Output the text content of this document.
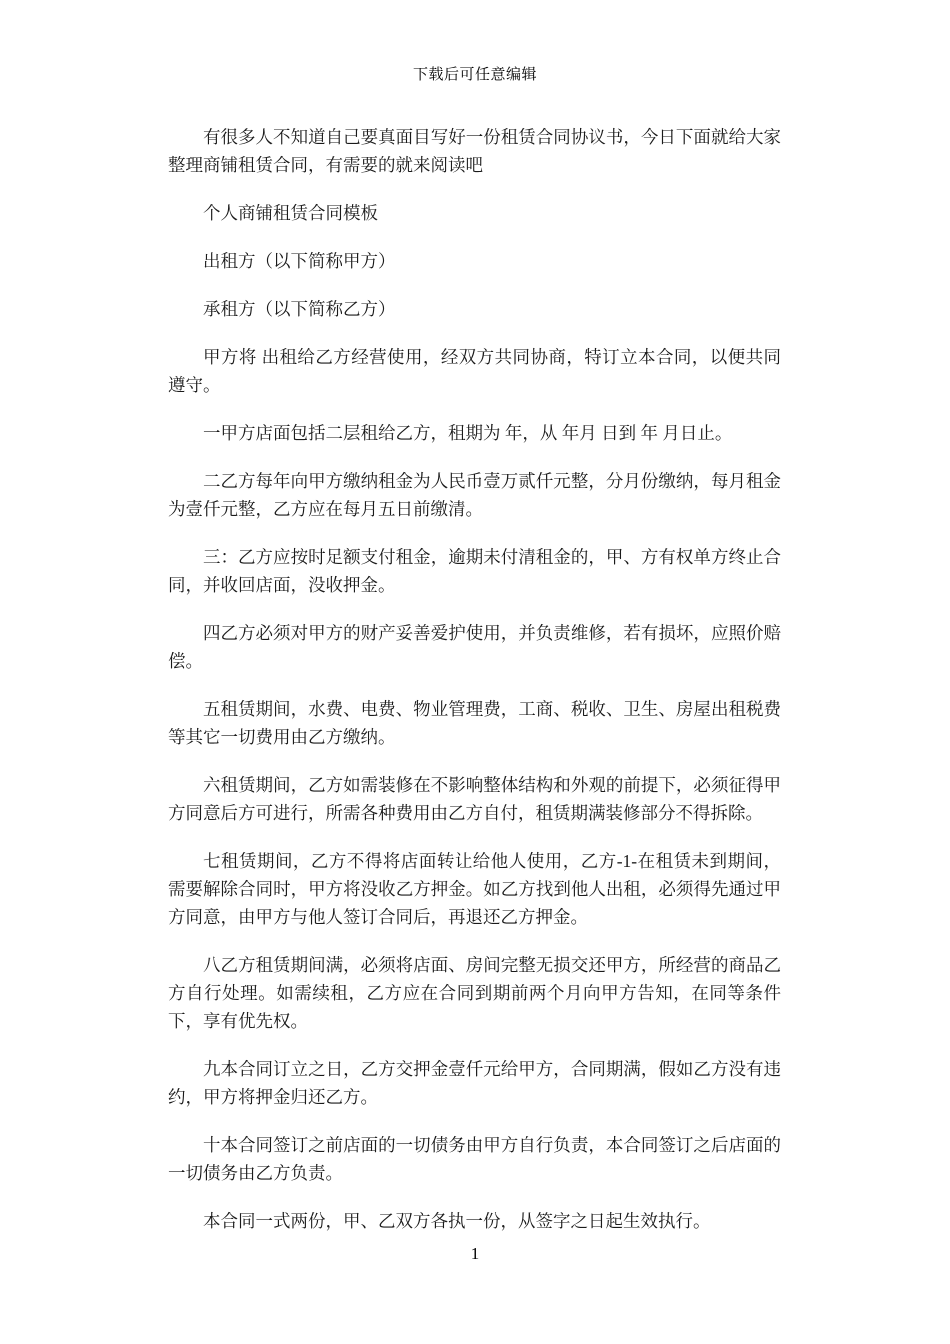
下载后可任意编辑

有很多人不知道自己要真面目写好一份租赁合同协议书，今日下面就给大家整理商铺租赁合同，有需要的就来阅读吧

个人商铺租赁合同模板

出租方（以下简称甲方）

承租方（以下简称乙方）

甲方将 出租给乙方经营使用，经双方共同协商，特订立本合同，以便共同遵守。

一甲方店面包括二层租给乙方，租期为 年，从 年月 日到 年 月日止。

二乙方每年向甲方缴纳租金为人民币壹万贰仟元整，分月份缴纳，每月租金为壹仟元整，乙方应在每月五日前缴清。

三：乙方应按时足额支付租金，逾期未付清租金的，甲、方有权单方终止合同，并收回店面，没收押金。

四乙方必须对甲方的财产妥善爱护使用，并负责维修，若有损坏，应照价赔偿。

五租赁期间，水费、电费、物业管理费，工商、税收、卫生、房屋出租税费等其它一切费用由乙方缴纳。

六租赁期间，乙方如需装修在不影响整体结构和外观的前提下，必须征得甲方同意后方可进行，所需各种费用由乙方自付，租赁期满装修部分不得拆除。

七租赁期间，乙方不得将店面转让给他人使用，乙方-1-在租赁未到期间，需要解除合同时，甲方将没收乙方押金。如乙方找到他人出租，必须得先通过甲方同意，由甲方与他人签订合同后，再退还乙方押金。

八乙方租赁期间满，必须将店面、房间完整无损交还甲方，所经营的商品乙方自行处理。如需续租，乙方应在合同到期前两个月向甲方告知，在同等条件下，享有优先权。

九本合同订立之日，乙方交押金壹仟元给甲方，合同期满，假如乙方没有违约，甲方将押金归还乙方。

十本合同签订之前店面的一切债务由甲方自行负责，本合同签订之后店面的一切债务由乙方负责。

本合同一式两份，甲、乙双方各执一份，从签字之日起生效执行。

1
